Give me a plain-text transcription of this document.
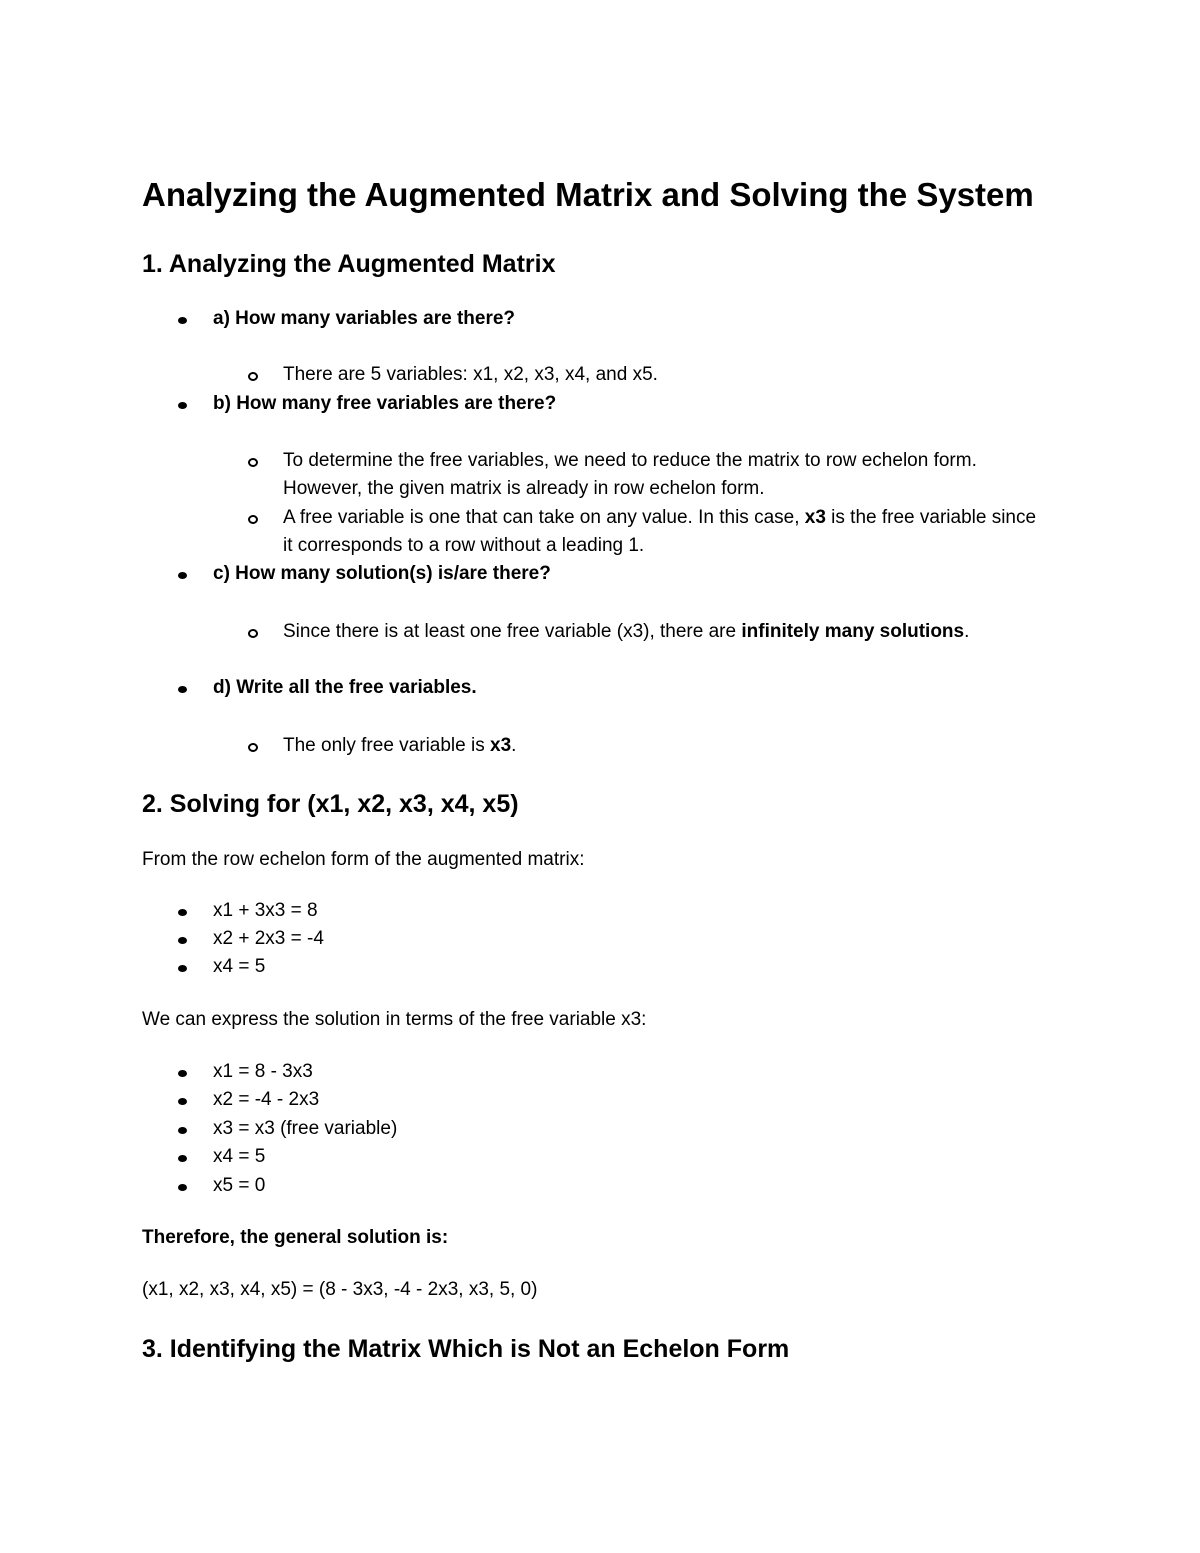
Analyzing the Augmented Matrix and Solving the System
1. Analyzing the Augmented Matrix
a) How many variables are there?
There are 5 variables: x1, x2, x3, x4, and x5.
b) How many free variables are there?
To determine the free variables, we need to reduce the matrix to row echelon form. However, the given matrix is already in row echelon form.
A free variable is one that can take on any value. In this case, x3 is the free variable since it corresponds to a row without a leading 1.
c) How many solution(s) is/are there?
Since there is at least one free variable (x3), there are infinitely many solutions.
d) Write all the free variables.
The only free variable is x3.
2. Solving for (x1, x2, x3, x4, x5)

From the row echelon form of the augmented matrix:

x1 + 3x3 = 8
x2 + 2x3 = -4
x4 = 5

We can express the solution in terms of the free variable x3:

x1 = 8 - 3x3
x2 = -4 - 2x3
x3 = x3 (free variable)
x4 = 5
x5 = 0

Therefore, the general solution is:

(x1, x2, x3, x4, x5) = (8 - 3x3, -4 - 2x3, x3, 5, 0)

3. Identifying the Matrix Which is Not an Echelon Form
